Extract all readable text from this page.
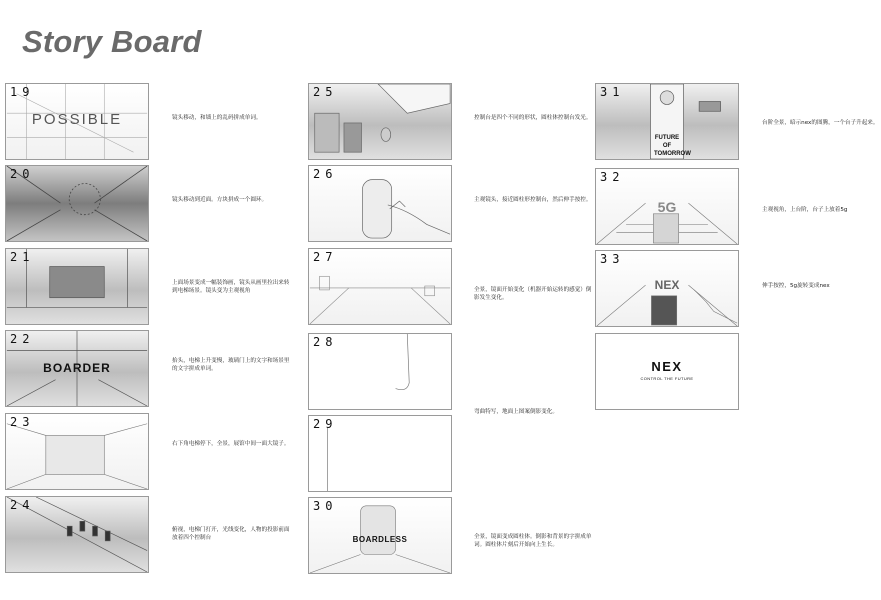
Story Board
19
POSSIBLE	镜头移动，和墙上的乱码拼成单词。
20
镜头移动到近面。方块拼成一个圆环。
21
上面场景变成一幅装饰画，镜头从画里拉出来转到电梯场景。镜头变为主观视角
22
BOARDER	抬头，电梯上升变慢，玻璃门上的文字和场景里的文字拼成单词。
23
右下角电梯停下，全景，展馆中间一面大镜子。
24
俯视，电梯门打开，光线变化，人物的投影前面放着四个控制台
25
控制台是四个不同的形状，圆柱体控制台发光。
26
主观镜头，接近圆柱形控制台，然后伸手按控。
27
全景，镜面开始变化（机器开始运转的感觉）倒影发生变化。
28
29
弯曲特写，地面上图案倒影变化。
30
BOARDLESS	全景，镜面变成圆柱体。倒影和背景的字拼成单词。圆柱体片刻后开始向上生长。
31
FUTURE OF TOMORROW
台阶全景，暗示nex的图腾，一个台子升起来。
32
5G	主观视角，上台阶，台子上放着5g
33
NEX	伸手按控，5g旋转变成nex
NEX
CONTROL THE FUTURE
